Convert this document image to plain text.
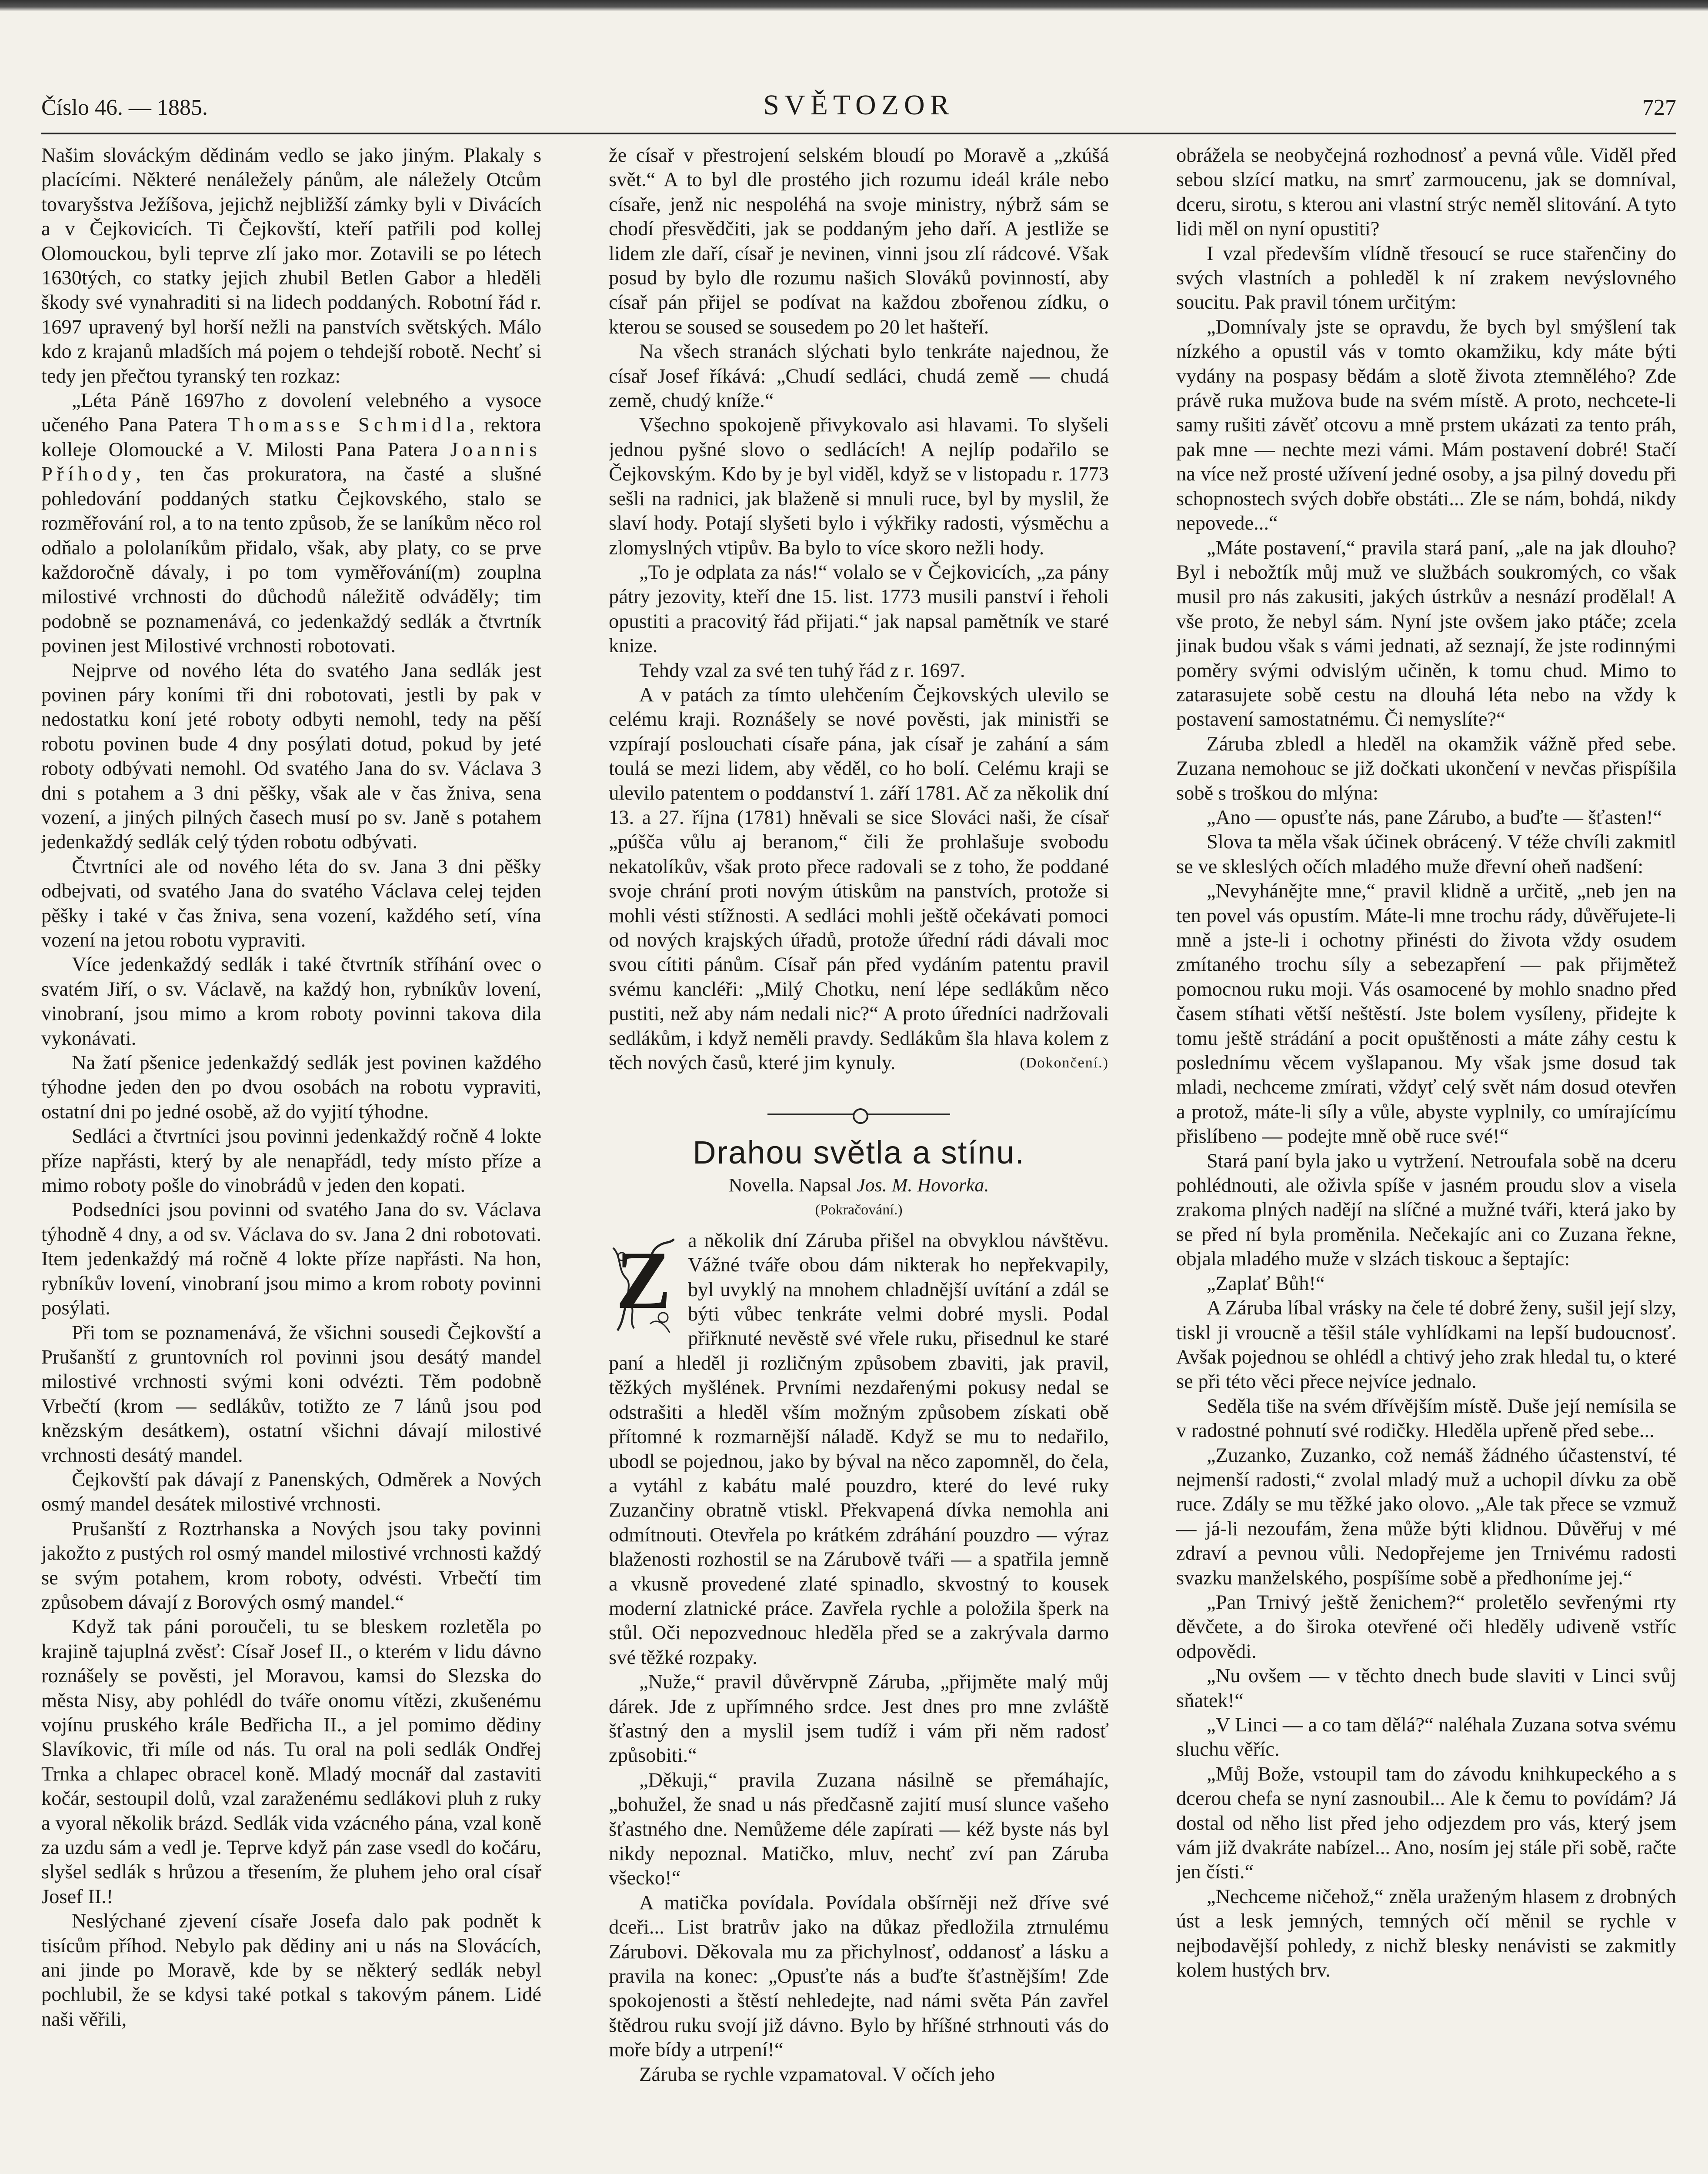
Číslo 46. — 1885.	SVĚTOZOR	727

Našim slováckým dědinám vedlo se jako jiným. Plakaly s placícími. Některé nenáležely pánům, ale náležely Otcům tovaryšstva Ježíšova, jejichž nejbližší zámky byli v Divácích a v Čejkovicích. Ti Čejkovští, kteří patřili pod kollej Olomouckou, byli teprve zlí jako mor. Zotavili se po létech 1630tých, co statky jejich zhubil Betlen Gabor a hleděli škody své vynahraditi si na lidech poddaných. Robotní řád r. 1697 upravený byl horší nežli na panstvích světských. Málo kdo z krajanů mladších má pojem o tehdejší robotě. Nechť si tedy jen přečtou tyranský ten rozkaz:

„Léta Páně 1697ho z dovolení velebného a vysoce učeného Pana Patera Thomasse Schmidla, rektora kolleje Olomoucké a V. Milosti Pana Patera Joannis Příhody, ten čas prokuratora, na časté a slušné pohledování poddaných statku Čejkovského, stalo se rozměřování rol, a to na tento způsob, že se laníkům něco rol odňalo a pololaníkům přidalo, však, aby platy, co se prve každoročně dávaly, i po tom vyměřování(m) zouplna milostivé vrchnosti do důchodů náležitě odváděly; tim podobně se poznamenává, co jedenkaždý sedlák a čtvrtník povinen jest Milostivé vrchnosti robotovati.

Nejprve od nového léta do svatého Jana sedlák jest povinen páry koními tři dni robotovati, jestli by pak v nedostatku koní jeté roboty odbyti nemohl, tedy na pěší robotu povinen bude 4 dny posýlati dotud, pokud by jeté roboty odbývati nemohl. Od svatého Jana do sv. Václava 3 dni s potahem a 3 dni pěšky, však ale v čas žniva, sena vození, a jiných pilných časech musí po sv. Janě s potahem jedenkaždý sedlák celý týden robotu odbývati.

Čtvrtníci ale od nového léta do sv. Jana 3 dni pěšky odbejvati, od svatého Jana do svatého Václava celej tejden pěšky i také v čas žniva, sena vození, každého setí, vína vození na jetou robotu vypraviti.

Více jedenkaždý sedlák i také čtvrtník stříhání ovec o svatém Jiří, o sv. Václavě, na každý hon, rybníkův lovení, vinobraní, jsou mimo a krom roboty povinni takova dila vykonávati.

Na žatí pšenice jedenkaždý sedlák jest povinen každého týhodne jeden den po dvou osobách na robotu vypraviti, ostatní dni po jedné osobě, až do vyjití týhodne.

Sedláci a čtvrtníci jsou povinni jedenkaždý ročně 4 lokte příze napřásti, který by ale nenapřádl, tedy místo příze a mimo roboty pošle do vinobrádů v jeden den kopati.

Podsedníci jsou povinni od svatého Jana do sv. Václava týhodně 4 dny, a od sv. Václava do sv. Jana 2 dni robotovati. Item jedenkaždý má ročně 4 lokte příze napřásti. Na hon, rybníkův lovení, vinobraní jsou mimo a krom roboty povinni posýlati.

Při tom se poznamenává, že všichni sousedi Čejkovští a Prušanští z gruntovních rol povinni jsou desátý mandel milostivé vrchnosti svými koni odvézti. Těm podobně Vrbečtí (krom — sedlákův, totižto ze 7 lánů jsou pod knězským desátkem), ostatní všichni dávají milostivé vrchnosti desátý mandel.

Čejkovští pak dávají z Panenských, Odměrek a Nových osmý mandel desátek milostivé vrchnosti.

Prušanští z Roztrhanska a Nových jsou taky povinni jakožto z pustých rol osmý mandel milostivé vrchnosti každý se svým potahem, krom roboty, odvésti. Vrbečtí tim způsobem dávají z Borových osmý mandel.“

Když tak páni poroučeli, tu se bleskem rozletěla po krajině tajuplná zvěsť: Císař Josef II., o kterém v lidu dávno roznášely se pověsti, jel Moravou, kamsi do Slezska do města Nisy, aby pohlédl do tváře onomu vítězi, zkušenému vojínu pruského krále Bedřicha II., a jel pomimo dědiny Slavíkovic, tři míle od nás. Tu oral na poli sedlák Ondřej Trnka a chlapec obracel koně. Mladý mocnář dal zastaviti kočár, sestoupil dolů, vzal zaraženému sedlákovi pluh z ruky a vyoral několik brázd. Sedlák vida vzácného pána, vzal koně za uzdu sám a vedl je. Teprve když pán zase vsedl do kočáru, slyšel sedlák s hrůzou a třesením, že pluhem jeho oral císař Josef II.!

Neslýchané zjevení císaře Josefa dalo pak podnět k tisícům příhod. Nebylo pak dědiny ani u nás na Slovácích, ani jinde po Moravě, kde by se některý sedlák nebyl pochlubil, že se kdysi také potkal s takovým pánem. Lidé naši věřili,

že císař v přestrojení selském bloudí po Moravě a „zkúšá svět.“ A to byl dle prostého jich rozumu ideál krále nebo císaře, jenž nic nespoléhá na svoje ministry, nýbrž sám se chodí přesvědčiti, jak se poddaným jeho daří. A jestliže se lidem zle daří, císař je nevinen, vinni jsou zlí rádcové. Však posud by bylo dle rozumu našich Slováků povinností, aby císař pán přijel se podívat na každou zbořenou zídku, o kterou se soused se sousedem po 20 let hašteří.

Na všech stranách slýchati bylo tenkráte najednou, že císař Josef říkává: „Chudí sedláci, chudá země — chudá země, chudý kníže.“

Všechno spokojeně přivykovalo asi hlavami. To slyšeli jednou pyšné slovo o sedlácích! A nejlíp podařilo se Čejkovským. Kdo by je byl viděl, když se v listopadu r. 1773 sešli na radnici, jak blaženě si mnuli ruce, byl by myslil, že slaví hody. Potají slyšeti bylo i výkřiky radosti, výsměchu a zlomyslných vtipův. Ba bylo to více skoro nežli hody.

„To je odplata za nás!“ volalo se v Čejkovicích, „za pány pátry jezovity, kteří dne 15. list. 1773 musili panství i řeholi opustiti a pracovitý řád přijati.“ jak napsal pamětník ve staré knize.

Tehdy vzal za své ten tuhý řád z r. 1697.

A v patách za tímto ulehčením Čejkovských ulevilo se celému kraji. Roznášely se nové pověsti, jak ministři se vzpírají poslouchati císaře pána, jak císař je zahání a sám toulá se mezi lidem, aby věděl, co ho bolí. Celému kraji se ulevilo patentem o poddanství 1. září 1781. Ač za několik dní 13. a 27. října (1781) hněvali se sice Slováci naši, že císař „púšča vůlu aj beranom,“ čili že prohlašuje svobodu nekatolíkův, však proto přece radovali se z toho, že poddané svoje chrání proti novým útiskům na panstvích, protože si mohli vésti stížnosti. A sedláci mohli ještě očekávati pomoci od nových krajských úřadů, protože úřední rádi dávali moc svou cítiti pánům. Císař pán před vydáním patentu pravil svému kancléři: „Milý Chotku, není lépe sedlákům něco pustiti, než aby nám nedali nic?“ A proto úředníci nadržovali sedlákům, i když neměli pravdy. Sedlákům šla hlava kolem z těch nových časů, které jim kynuly.	(Dokončení.)

Drahou světla a stínu.
Novella. Napsal Jos. M. Hovorka.
(Pokračování.)

Z a několik dní Záruba přišel na obvyklou návštěvu. Vážné tváře obou dám nikterak ho nepřekvapily, byl uvyklý na mnohem chladnější uvítání a zdál se býti vůbec tenkráte velmi dobré mysli. Podal přiřknuté nevěstě své vřele ruku, přisednul ke staré paní a hleděl ji rozličným způsobem zbaviti, jak pravil, těžkých myšlének. Prvními nezdařenými pokusy nedal se odstrašiti a hleděl vším možným způsobem získati obě přítomné k rozmarnější náladě. Když se mu to nedařilo, ubodl se pojednou, jako by býval na něco zapomněl, do čela, a vytáhl z kabátu malé pouzdro, které do levé ruky Zuzančiny obratně vtiskl. Překvapená dívka nemohla ani odmítnouti. Otevřela po krátkém zdráhání pouzdro — výraz blaženosti rozhostil se na Zárubově tváři — a spatřila jemně a vkusně provedené zlaté spinadlo, skvostný to kousek moderní zlatnické práce. Zavřela rychle a položila šperk na stůl. Oči nepozvednouc hleděla před se a zakrývala darmo své těžké rozpaky.

„Nuže,“ pravil důvěrvpně Záruba, „přijměte malý můj dárek. Jde z upřímného srdce. Jest dnes pro mne zvláště šťastný den a myslil jsem tudíž i vám při něm radosť způsobiti.“

„Děkuji,“ pravila Zuzana násilně se přemáhajíc, „bohužel, že snad u nás předčasně zajití musí slunce vašeho šťastného dne. Nemůžeme déle zapírati — kéž byste nás byl nikdy nepoznal. Matičko, mluv, nechť zví pan Záruba všecko!“

A matička povídala. Povídala obšírněji než dříve své dceři... List bratrův jako na důkaz předložila ztrnulému Zárubovi. Děkovala mu za přichylnosť, oddanosť a lásku a pravila na konec: „Opusťte nás a buďte šťastnějším! Zde spokojenosti a štěstí nehledejte, nad námi světa Pán zavřel štědrou ruku svojí již dávno. Bylo by hříšné strhnouti vás do moře bídy a utrpení!“

Záruba se rychle vzpamatoval. V očích jeho

obrážela se neobyčejná rozhodnosť a pevná vůle. Viděl před sebou slzící matku, na smrť zarmoucenu, jak se domníval, dceru, sirotu, s kterou ani vlastní strýc neměl slitování. A tyto lidi měl on nyní opustiti?

I vzal především vlídně třesoucí se ruce stařenčiny do svých vlastních a pohleděl k ní zrakem nevýslovného soucitu. Pak pravil tónem určitým:

„Domnívaly jste se opravdu, že bych byl smýšlení tak nízkého a opustil vás v tomto okamžiku, kdy máte býti vydány na pospasy bědám a slotě života ztemnělého? Zde právě ruka mužova bude na svém místě. A proto, nechcete-li samy rušiti závěť otcovu a mně prstem ukázati za tento práh, pak mne — nechte mezi vámi. Mám postavení dobré! Stačí na více než prosté užívení jedné osoby, a jsa pilný dovedu při schopnostech svých dobře obstáti... Zle se nám, bohdá, nikdy nepovede...“

„Máte postavení,“ pravila stará paní, „ale na jak dlouho? Byl i nebožtík můj muž ve službách soukromých, co však musil pro nás zakusiti, jakých ústrkův a nesnází prodělal! A vše proto, že nebyl sám. Nyní jste ovšem jako ptáče; zcela jinak budou však s vámi jednati, až seznají, že jste rodinnými poměry svými odvislým učiněn, k tomu chud. Mimo to zatarasujete sobě cestu na dlouhá léta nebo na vždy k postavení samostatnému. Či nemyslíte?“

Záruba zbledl a hleděl na okamžik vážně před sebe. Zuzana nemohouc se již dočkati ukončení v nevčas přispíšila sobě s troškou do mlýna:

„Ano — opusťte nás, pane Zárubo, a buďte — šťasten!“

Slova ta měla však účinek obrácený. V téže chvíli zakmitl se ve skleslých očích mladého muže dřevní oheň nadšení:

„Nevyhánějte mne,“ pravil klidně a určitě, „neb jen na ten povel vás opustím. Máte-li mne trochu rády, důvěřujete-li mně a jste-li i ochotny přinésti do života vždy osudem zmítaného trochu síly a sebezapření — pak přijmětež pomocnou ruku moji. Vás osamocené by mohlo snadno před časem stíhati větší neštěstí. Jste bolem vysíleny, přidejte k tomu ještě strádání a pocit opuštěnosti a máte záhy cestu k poslednímu věcem vyšlapanou. My však jsme dosud tak mladi, nechceme zmírati, vždyť celý svět nám dosud otevřen a protož, máte-li síly a vůle, abyste vyplnily, co umírajícímu přislíbeno — podejte mně obě ruce své!“

Stará paní byla jako u vytržení. Netroufala sobě na dceru pohlédnouti, ale oživla spíše v jasném proudu slov a visela zrakoma plných nadějí na slíčné a mužné tváři, která jako by se před ní byla proměnila. Nečekajíc ani co Zuzana řekne, objala mladého muže v slzách tiskouc a šeptajíc:

„Zaplať Bůh!“

A Záruba líbal vrásky na čele té dobré ženy, sušil její slzy, tiskl ji vroucně a těšil stále vyhlídkami na lepší budoucnosť. Avšak pojednou se ohlédl a chtivý jeho zrak hledal tu, o které se při této věci přece nejvíce jednalo.

Seděla tiše na svém dřívějším místě. Duše její nemísila se v radostné pohnutí své rodičky. Hleděla upřeně před sebe...

„Zuzanko, Zuzanko, což nemáš žádného účastenství, té nejmenší radosti,“ zvolal mladý muž a uchopil dívku za obě ruce. Zdály se mu těžké jako olovo. „Ale tak přece se vzmuž — já-li nezoufám, žena může býti klidnou. Důvěřuj v mé zdraví a pevnou vůli. Nedopřejeme jen Trnivému radosti svazku manželského, pospíšíme sobě a předhoníme jej.“

„Pan Trnivý ještě ženichem?“ proletělo sevřenými rty děvčete, a do široka otevřené oči hleděly udiveně vstříc odpovědi.

„Nu ovšem — v těchto dnech bude slaviti v Linci svůj sňatek!“

„V Linci — a co tam dělá?“ naléhala Zuzana sotva svému sluchu věříc.

„Můj Bože, vstoupil tam do závodu knihkupeckého a s dcerou chefa se nyní zasnoubil... Ale k čemu to povídám? Já dostal od něho list před jeho odjezdem pro vás, který jsem vám již dvakráte nabízel... Ano, nosím jej stále při sobě, račte jen čísti.“

„Nechceme ničehož,“ zněla uraženým hlasem z drobných úst a lesk jemných, temných očí měnil se rychle v nejbodavější pohledy, z nichž blesky nenávisti se zakmitly kolem hustých brv.
